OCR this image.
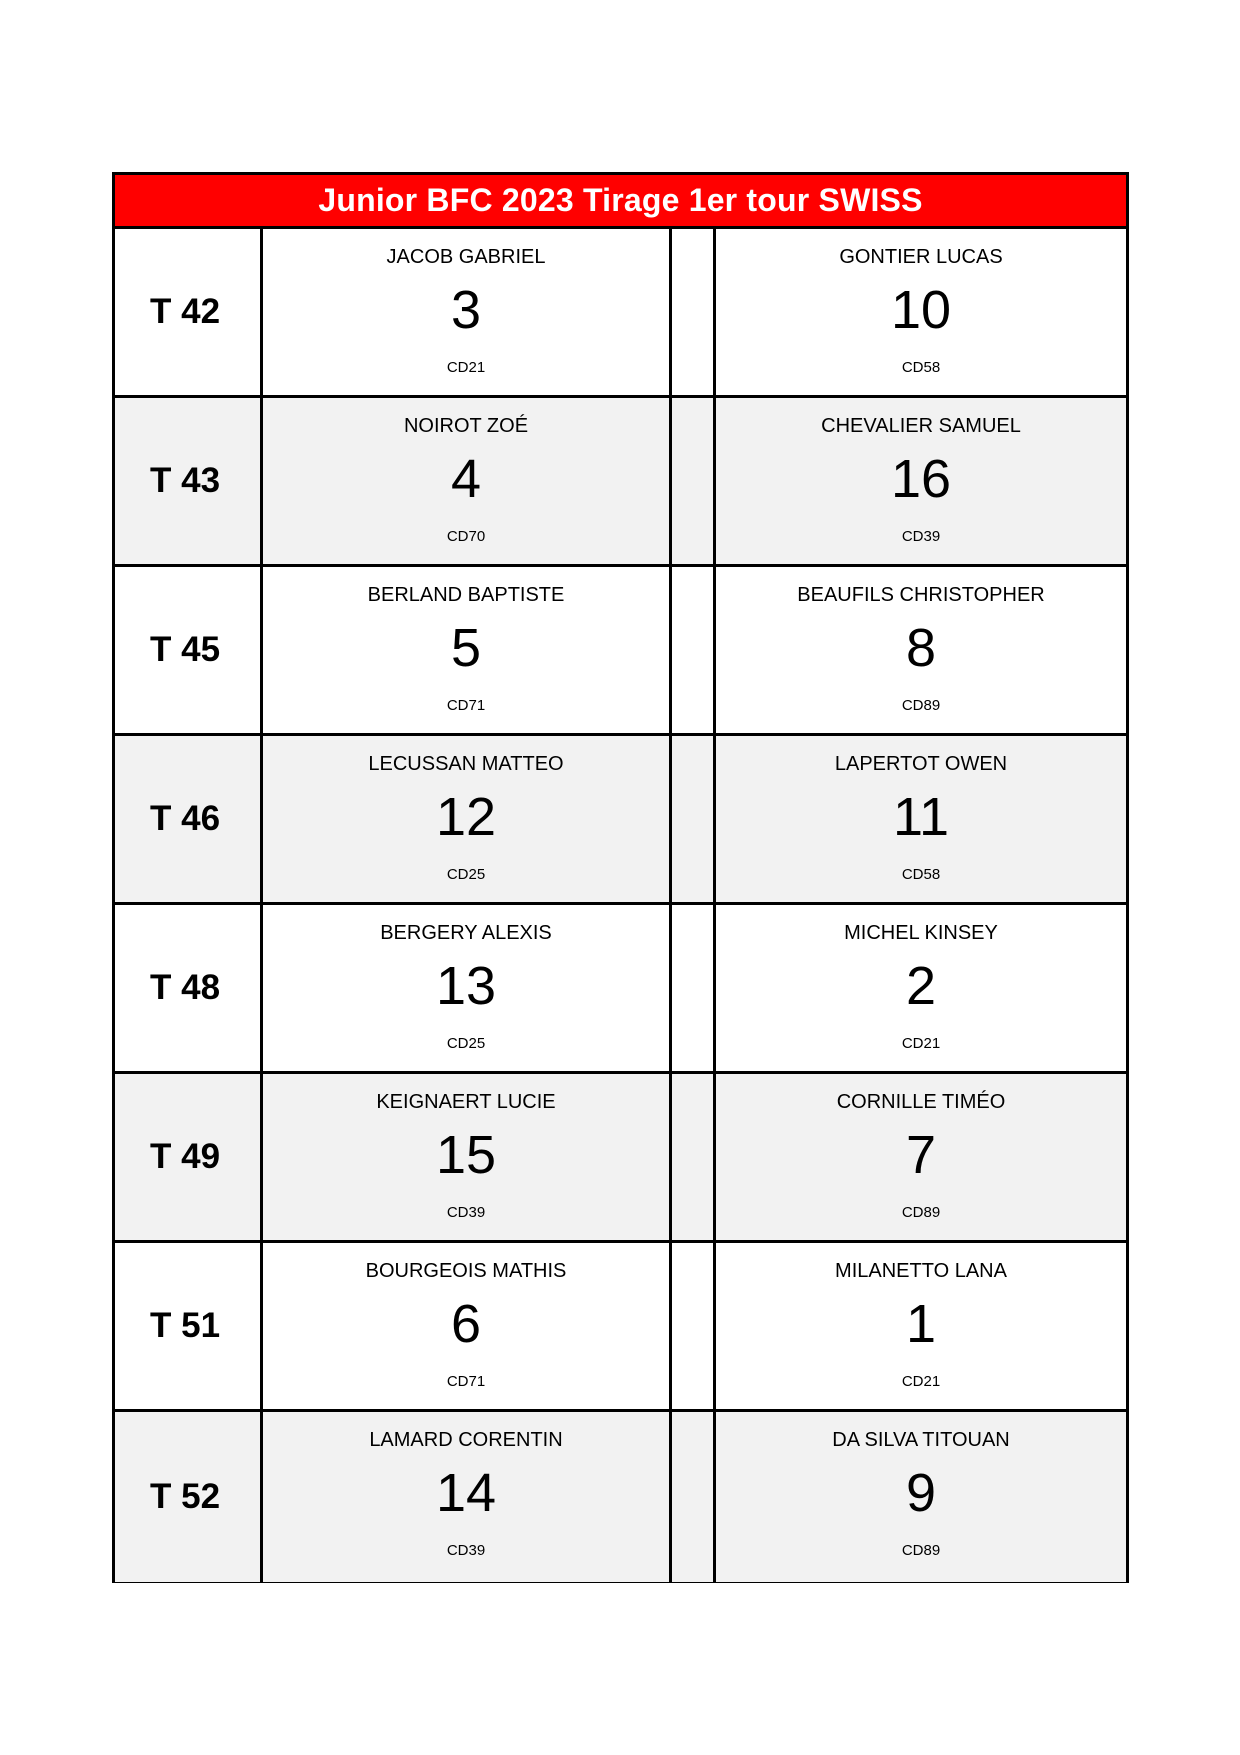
Junior BFC 2023 Tirage 1er tour SWISS
T 42
JACOB GABRIEL
3
CD21
GONTIER LUCAS
10
CD58
T 43
NOIROT ZOÉ
4
CD70
CHEVALIER SAMUEL
16
CD39
T 45
BERLAND BAPTISTE
5
CD71
BEAUFILS CHRISTOPHER
8
CD89
T 46
LECUSSAN MATTEO
12
CD25
LAPERTOT OWEN
11
CD58
T 48
BERGERY ALEXIS
13
CD25
MICHEL KINSEY
2
CD21
T 49
KEIGNAERT LUCIE
15
CD39
CORNILLE TIMÉO
7
CD89
T 51
BOURGEOIS MATHIS
6
CD71
MILANETTO LANA
1
CD21
T 52
LAMARD CORENTIN
14
CD39
DA SILVA TITOUAN
9
CD89
